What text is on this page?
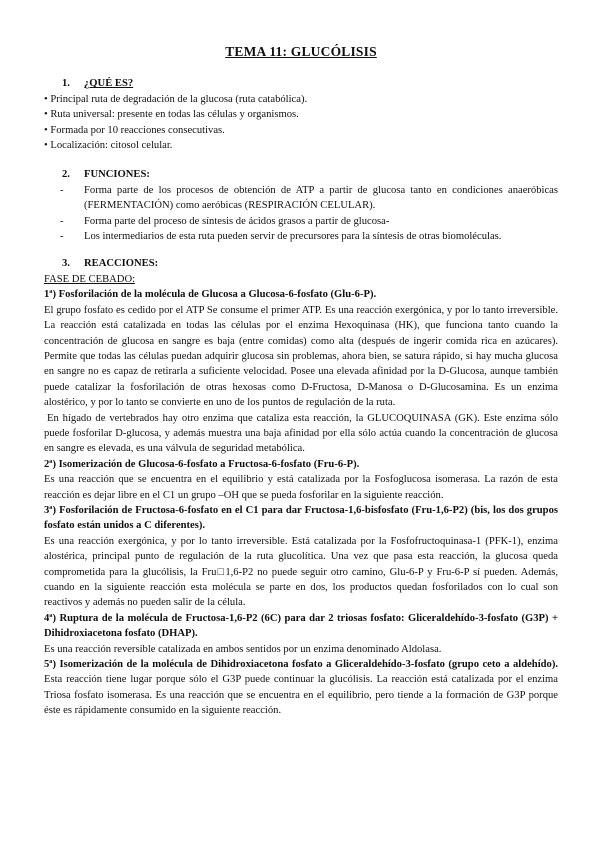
TEMA 11: GLUCÓLISIS
1. ¿QUÉ ES?
• Principal ruta de degradación de la glucosa (ruta catabólica).
• Ruta universal: presente en todas las células y organismos.
• Formada por 10 reacciones consecutivas.
• Localización: citosol celular.
2. FUNCIONES:
- Forma parte de los procesos de obtención de ATP a partir de glucosa tanto en condiciones anaeróbicas (FERMENTACIÓN) como aeróbicas (RESPIRACIÓN CELULAR).
- Forma parte del proceso de síntesis de ácidos grasos a partir de glucosa-
- Los intermediarios de esta ruta pueden servir de precursores para la síntesis de otras biomoléculas.
3. REACCIONES:
FASE DE CEBADO:
1ª) Fosforilación de la molécula de Glucosa a Glucosa-6-fosfato (Glu-6-P).
El grupo fosfato es cedido por el ATP Se consume el primer ATP. Es una reacción exergónica, y por lo tanto irreversible. La reacción está catalizada en todas las células por el enzima Hexoquinasa (HK), que funciona tanto cuando la concentración de glucosa en sangre es baja (entre comidas) como alta (después de ingerir comida rica en azúcares). Permite que todas las células puedan adquirir glucosa sin problemas, ahora bien, se satura rápido, si hay mucha glucosa en sangre no es capaz de retirarla a suficiente velocidad. Posee una elevada afinidad por la D-Glucosa, aunque también puede catalizar la fosforilación de otras hexosas como D-Fructosa, D-Manosa o D-Glucosamina. Es un enzima alostérico, y por lo tanto se convierte en uno de los puntos de regulación de la ruta.
En hígado de vertebrados hay otro enzima que cataliza esta reacción, la GLUCOQUINASA (GK). Este enzima sólo puede fosforilar D-glucosa, y además muestra una baja afinidad por ella sólo actúa cuando la concentración de glucosa en sangre es elevada, es una válvula de seguridad metabólica.
2ª) Isomerización de Glucosa-6-fosfato a Fructosa-6-fosfato (Fru-6-P).
Es una reacción que se encuentra en el equilibrio y está catalizada por la Fosfoglucosa isomerasa. La razón de esta reacción es dejar libre en el C1 un grupo –OH que se pueda fosforilar en la siguiente reacción.
3ª) Fosforilación de Fructosa-6-fosfato en el C1 para dar Fructosa-1,6-bisfosfato (Fru-1,6-P2) (bis, los dos grupos fosfato están unidos a C diferentes).
Es una reacción exergónica, y por lo tanto irreversible. Está catalizada por la Fosfofructoquinasa-1 (PFK-1), enzima alostérica, principal punto de regulación de la ruta glucolítica. Una vez que pasa esta reacción, la glucosa queda comprometida para la glucólisis, la Fru□1,6-P2 no puede seguir otro camino, Glu-6-P y Fru-6-P sí pueden. Además, cuando en la siguiente reacción esta molécula se parte en dos, los productos quedan fosforilados con lo cual son reactivos y además no pueden salir de la célula.
4ª) Ruptura de la molécula de Fructosa-1,6-P2 (6C) para dar 2 triosas fosfato: Gliceraldehído-3-fosfato (G3P) + Dihidroxiacetona fosfato (DHAP).
Es una reacción reversible catalizada en ambos sentidos por un enzima denominado Aldolasa.
5ª) Isomerización de la molécula de Dihidroxiacetona fosfato a Gliceraldehído-3-fosfato (grupo ceto a aldehído). Esta reacción tiene lugar porque sólo el G3P puede continuar la glucólisis. La reacción está catalizada por el enzima Triosa fosfato isomerasa. Es una reacción que se encuentra en el equilibrio, pero tiende a la formación de G3P porque éste es rápidamente consumido en la siguiente reacción.
